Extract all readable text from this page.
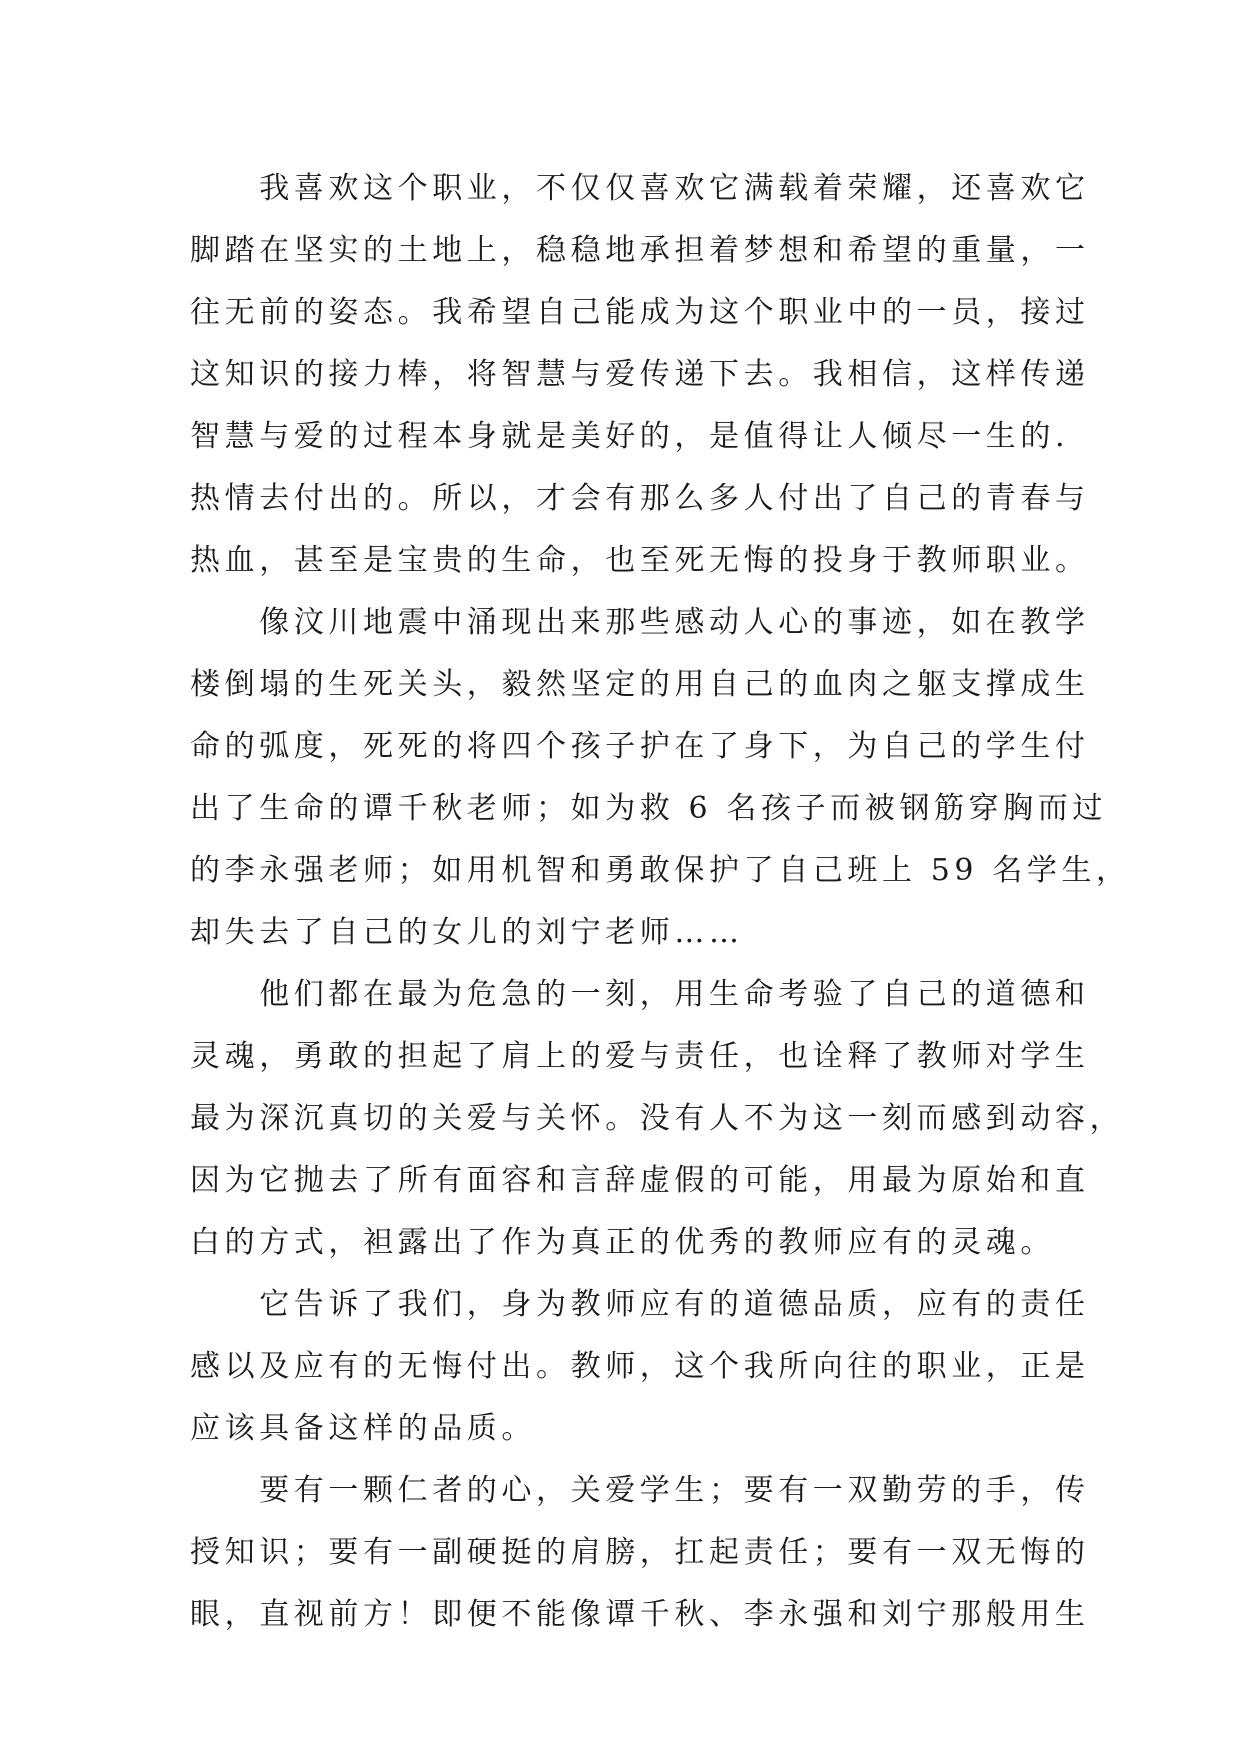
　　我喜欢这个职业，不仅仅喜欢它满载着荣耀，还喜欢它
脚踏在坚实的土地上，稳稳地承担着梦想和希望的重量，一
往无前的姿态。我希望自己能成为这个职业中的一员，接过
这知识的接力棒，将智慧与爱传递下去。我相信，这样传递
智慧与爱的过程本身就是美好的，是值得让人倾尽一生的.
热情去付出的。所以，才会有那么多人付出了自己的青春与
热血，甚至是宝贵的生命，也至死无悔的投身于教师职业。
　　像汶川地震中涌现出来那些感动人心的事迹，如在教学
楼倒塌的生死关头，毅然坚定的用自己的血肉之躯支撑成生
命的弧度，死死的将四个孩子护在了身下，为自己的学生付
出了生命的谭千秋老师；如为救 6 名孩子而被钢筋穿胸而过
的李永强老师；如用机智和勇敢保护了自己班上 59 名学生，
却失去了自己的女儿的刘宁老师……
　　他们都在最为危急的一刻，用生命考验了自己的道德和
灵魂，勇敢的担起了肩上的爱与责任，也诠释了教师对学生
最为深沉真切的关爱与关怀。没有人不为这一刻而感到动容，
因为它抛去了所有面容和言辞虚假的可能，用最为原始和直
白的方式，袒露出了作为真正的优秀的教师应有的灵魂。
　　它告诉了我们，身为教师应有的道德品质，应有的责任
感以及应有的无悔付出。教师，这个我所向往的职业，正是
应该具备这样的品质。
　　要有一颗仁者的心，关爱学生；要有一双勤劳的手，传
授知识；要有一副硬挺的肩膀，扛起责任；要有一双无悔的
眼，直视前方！即便不能像谭千秋、李永强和刘宁那般用生
